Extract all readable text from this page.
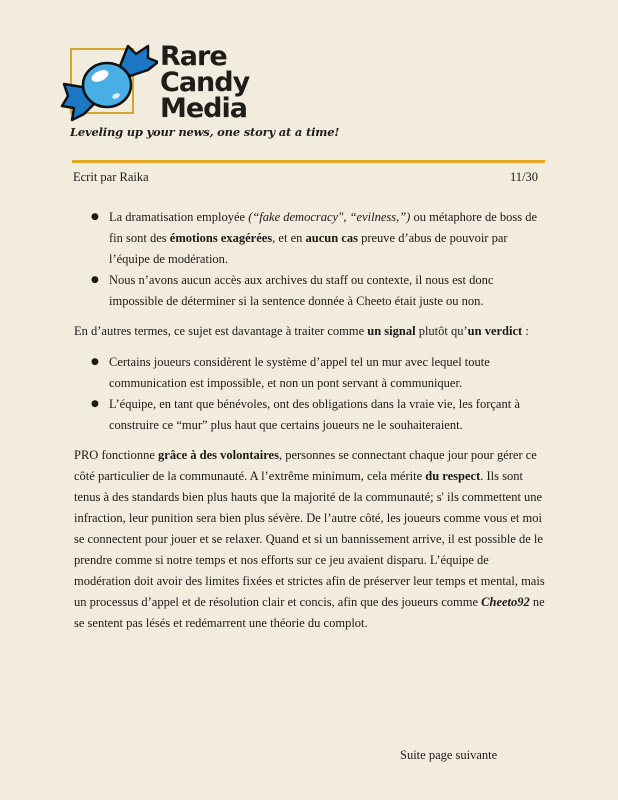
Rare
Candy
Media
Leveling up your news, one story at a time!
Ecrit par Raika	11/30
● La dramatisation employée (“fake democracy", “evilness,”) ou métaphore de boss de fin sont des émotions exagérées, et en aucun cas preuve d’abus de pouvoir par l’équipe de modération.
● Nous n’avons aucun accès aux archives du staff ou contexte, il nous est donc impossible de déterminer si la sentence donnée à Cheeto était juste ou non.

En d’autres termes, ce sujet est davantage à traiter comme un signal plutôt qu’un verdict :

● Certains joueurs considèrent le système d’appel tel un mur avec lequel toute communication est impossible, et non un pont servant à communiquer.
● L’équipe, en tant que bénévoles, ont des obligations dans la vraie vie, les forçant à construire ce “mur” plus haut que certains joueurs ne le souhaiteraient.

PRO fonctionne grâce à des volontaires, personnes se connectant chaque jour pour gérer ce côté particulier de la communauté. A l’extrême minimum, cela mérite du respect. Ils sont tenus à des standards bien plus hauts que la majorité de la communauté; s' ils commettent une infraction, leur punition sera bien plus sévère. De l’autre côté, les joueurs comme vous et moi se connectent pour jouer et se relaxer. Quand et si un bannissement arrive, il est possible de le prendre comme si notre temps et nos efforts sur ce jeu avaient disparu. L’équipe de modération doit avoir des limites fixées et strictes afin de préserver leur temps et mental, mais un processus d’appel et de résolution clair et concis, afin que des joueurs comme Cheeto92 ne se sentent pas lésés et redémarrent une théorie du complot.

Suite page suivante
